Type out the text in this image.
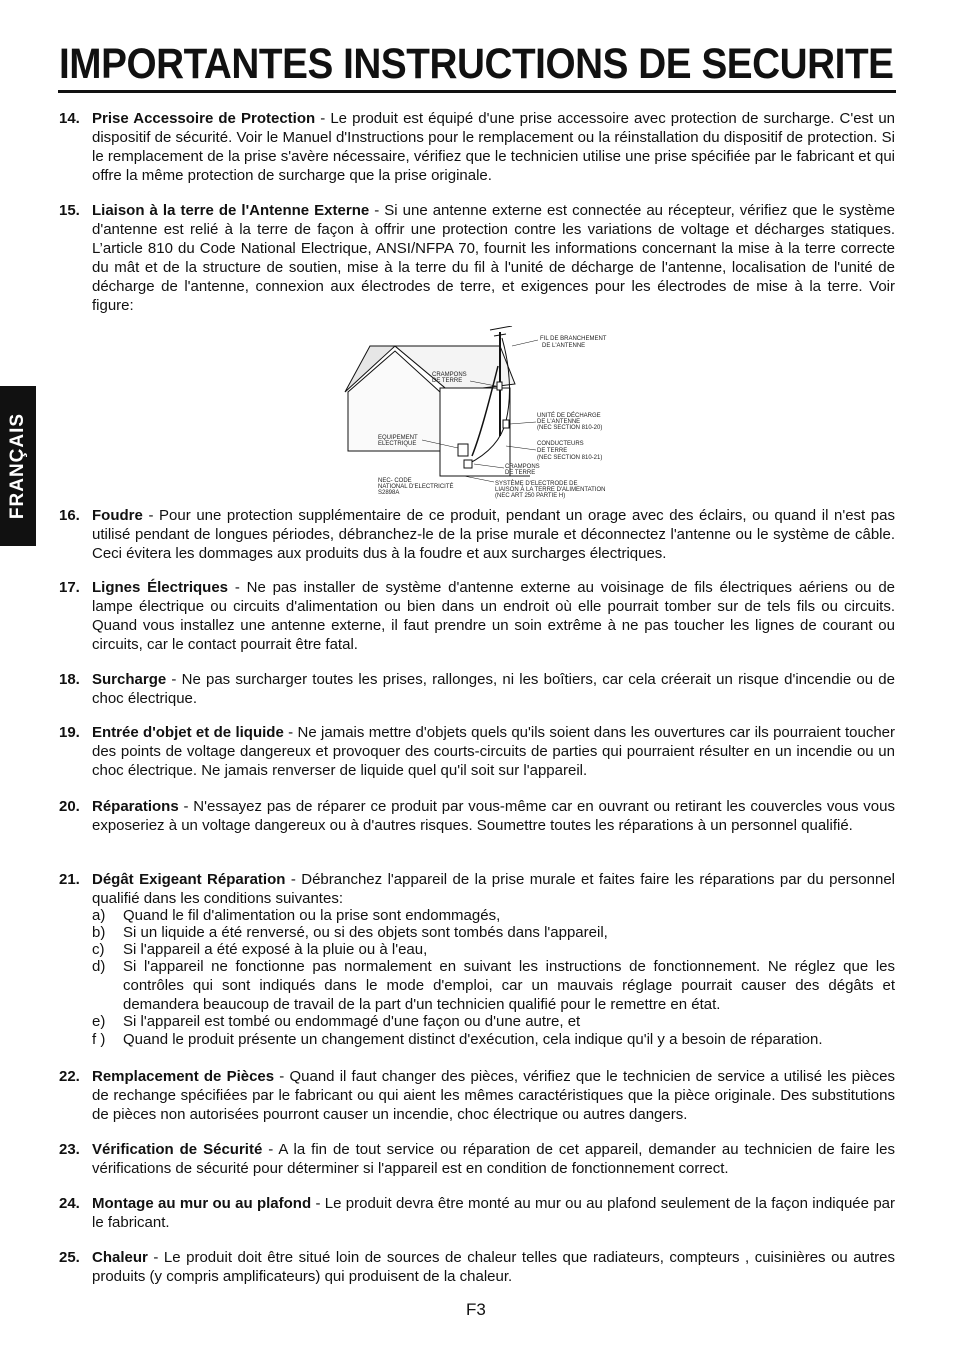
IMPORTANTES INSTRUCTIONS DE SECURITE
FRANÇAIS
14. Prise Accessoire de Protection - Le produit est équipé d'une prise accessoire avec protection de surcharge. C'est un dispositif de sécurité. Voir le Manuel d'Instructions pour le remplacement ou la réinstallation du dispositif de protection. Si le remplacement de la prise s'avère nécessaire, vérifiez que le technicien utilise une prise spécifiée par le fabricant et qui offre la même protection de surcharge que la prise originale.
15. Liaison à la terre de l'Antenne Externe - Si une antenne externe est connectée au récepteur, vérifiez que le système d'antenne est relié à la terre de façon à offrir une protection contre les variations de voltage et décharges statiques. L’article 810 du Code National Electrique, ANSI/NFPA 70, fournit les informations concernant la mise à la terre correcte du mât et de la structure de soutien, mise à la terre du fil à l'unité de décharge de l'antenne, localisation de l'unité de décharge de l'antenne, connexion aux électrodes de terre, et exigences pour les électrodes de mise à la terre. Voir figure:
FIL DE BRANCHEMENT DE L'ANTENNE
CRAMPONS DE TERRE
UNITÉ DE DÉCHARGE DE L'ANTENNE (NEC SECTION 810-20)
CONDUCTEURS DE TERRE (NEC SECTION 810-21)
EQUIPEMENT ELECTRIQUE
CRAMPONS DE TERRE
NEC- CODE NATIONAL D'ELECTRICITÉ S2898A
SYSTÈME D'ELECTRODE DE LIAISON À LA TERRE D'ALIMENTATION (NEC ART 250 PARTIE H)
16. Foudre - Pour une protection supplémentaire de ce produit, pendant un orage avec des éclairs, ou quand il n'est pas utilisé pendant de longues périodes, débranchez-le de la prise murale et déconnectez l'antenne ou le système de câble. Ceci évitera les dommages aux produits dus à la foudre et aux surcharges électriques.
17. Lignes Électriques - Ne pas installer de système d'antenne externe au voisinage de fils électriques aériens ou de lampe électrique ou circuits d'alimentation ou bien dans un endroit où elle pourrait tomber sur de tels fils ou circuits. Quand vous installez une antenne externe, il faut prendre un soin extrême à ne pas toucher les lignes de courant ou circuits, car le contact pourrait être fatal.
18. Surcharge - Ne pas surcharger toutes les prises, rallonges, ni les boîtiers, car cela créerait un risque d'incendie ou de choc électrique.
19. Entrée d'objet et de liquide - Ne jamais mettre d'objets quels qu'ils soient dans les ouvertures car ils pourraient toucher des points de voltage dangereux et provoquer des courts-circuits de parties qui pourraient résulter en un incendie ou un choc électrique. Ne jamais renverser de liquide quel qu'il soit sur l'appareil.
20. Réparations - N'essayez pas de réparer ce produit par vous-même car en ouvrant ou retirant les couvercles vous vous exposeriez à un voltage dangereux ou à d'autres risques. Soumettre toutes les réparations à un personnel qualifié.
21. Dégât Exigeant Réparation - Débranchez l'appareil de la prise murale et faites faire les réparations par du personnel qualifié dans les conditions suivantes:
a) Quand le fil d'alimentation ou la prise sont endommagés,
b) Si un liquide a été renversé, ou si des objets sont tombés dans l'appareil,
c) Si l'appareil a été exposé à la pluie ou à l'eau,
d) Si l'appareil ne fonctionne pas normalement en suivant les instructions de fonctionnement. Ne réglez que les contrôles qui sont indiqués dans le mode d'emploi, car un mauvais réglage pourrait causer des dégâts et demandera beaucoup de travail de la part d'un technicien qualifié pour le remettre en état.
e) Si l'appareil est tombé ou endommagé d'une façon ou d'une autre, et
f ) Quand le produit présente un changement distinct d'exécution, cela indique qu'il y a besoin de réparation.
22. Remplacement de Pièces - Quand il faut changer des pièces, vérifiez que le technicien de service a utilisé les pièces de rechange spécifiées par le fabricant ou qui aient les mêmes caractéristiques que la pièce originale. Des substitutions de pièces non autorisées pourront causer un incendie, choc électrique ou autres dangers.
23. Vérification de Sécurité - A la fin de tout service ou réparation de cet appareil, demander au technicien de faire les vérifications de sécurité pour déterminer si l'appareil est en condition de fonctionnement correct.
24. Montage au mur ou au plafond - Le produit devra être monté au mur ou au plafond seulement de la façon indiquée par le fabricant.
25. Chaleur - Le produit doit être situé loin de sources de chaleur telles que radiateurs, compteurs , cuisinières ou autres produits (y compris amplificateurs) qui produisent de la chaleur.
F3
